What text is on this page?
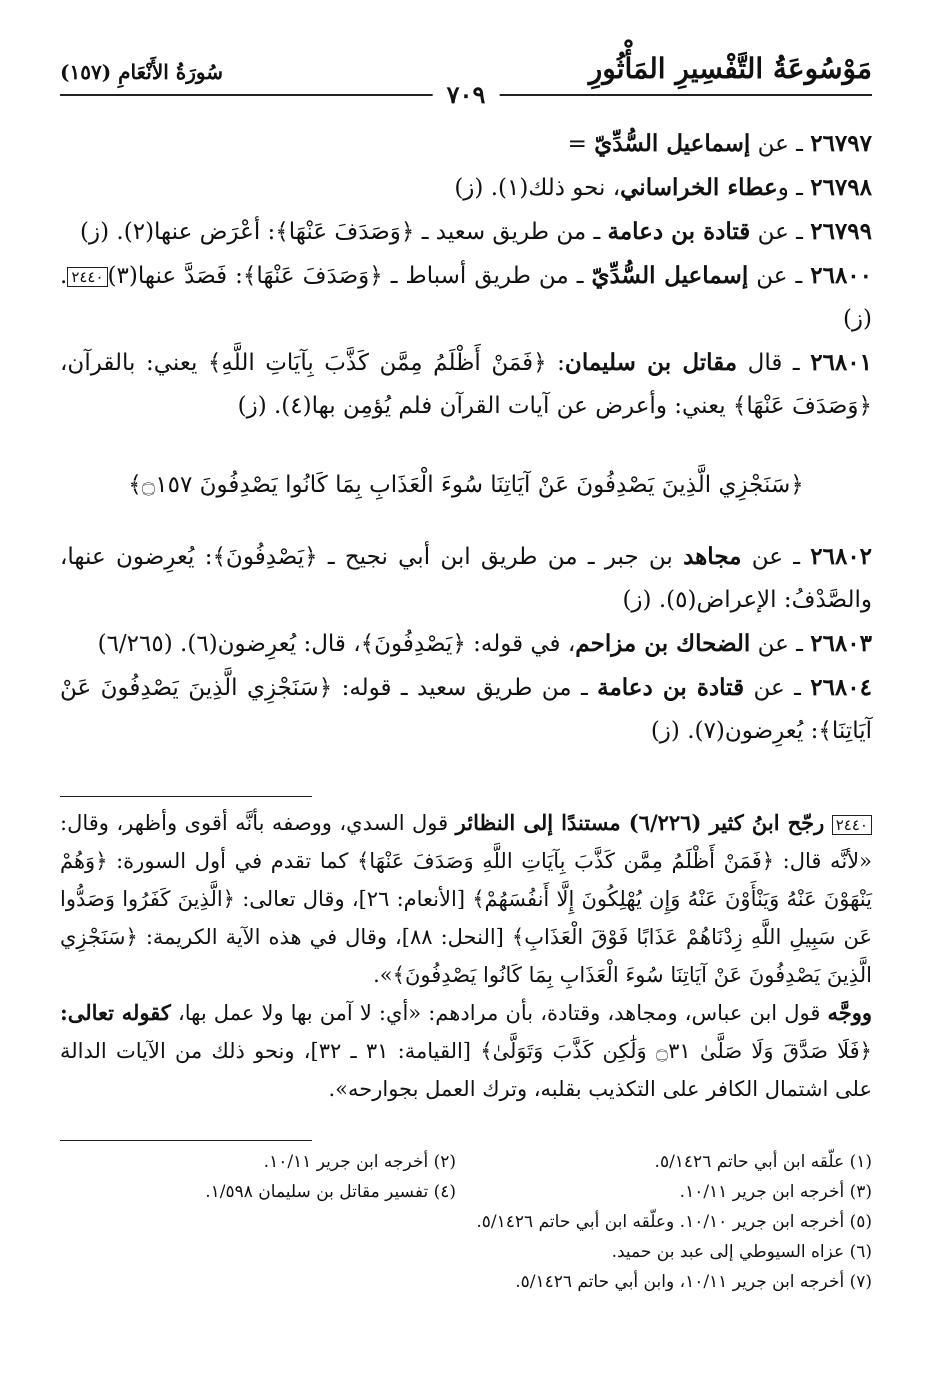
مَوْسُوعَةُ التَّفْسِيرِ المَأْثُورِ
سُورَةُ الأَنْعَامِ (١٥٧)
٧٠٩

٢٦٧٩٧ ـ عن إسماعيل السُّدِّيّ =

٢٦٧٩٨ ـ وعطاء الخراساني، نحو ذلك(١). (ز)

٢٦٧٩٩ ـ عن قتادة بن دعامة ـ من طريق سعيد ـ ﴿وَصَدَفَ عَنْهَا﴾: أعْرَض عنها(٢). (ز)

٢٦٨٠٠ ـ عن إسماعيل السُّدِّيّ ـ من طريق أسباط ـ ﴿وَصَدَفَ عَنْهَا﴾: فَصَدَّ عنها(٣)٢٤٤٠. (ز)

٢٦٨٠١ ـ قال مقاتل بن سليمان: ﴿فَمَنْ أَظْلَمُ مِمَّن كَذَّبَ بِآيَاتِ اللَّهِ﴾ يعني: بالقرآن، ﴿وَصَدَفَ عَنْهَا﴾ يعني: وأعرض عن آيات القرآن فلم يُؤمِن بها(٤). (ز)

﴿سَنَجْزِي الَّذِينَ يَصْدِفُونَ عَنْ آيَاتِنَا سُوءَ الْعَذَابِ بِمَا كَانُوا يَصْدِفُونَ ۝١٥٧﴾

٢٦٨٠٢ ـ عن مجاهد بن جبر ـ من طريق ابن أبي نجيح ـ ﴿يَصْدِفُونَ﴾: يُعرِضون عنها، والصَّدْفُ: الإعراض(٥). (ز)

٢٦٨٠٣ ـ عن الضحاك بن مزاحم، في قوله: ﴿يَصْدِفُونَ﴾، قال: يُعرِضون(٦). (٦/٢٦٥)

٢٦٨٠٤ ـ عن قتادة بن دعامة ـ من طريق سعيد ـ قوله: ﴿سَنَجْزِي الَّذِينَ يَصْدِفُونَ عَنْ آيَاتِنَا﴾: يُعرِضون(٧). (ز)

٢٤٤٠ رجّح ابنُ كثير (٦/٢٢٦) مستندًا إلى النظائر قول السدي، ووصفه بأنَّه أقوى وأظهر، وقال: «لأنَّه قال: ﴿فَمَنْ أَظْلَمُ مِمَّن كَذَّبَ بِآيَاتِ اللَّهِ وَصَدَفَ عَنْهَا﴾ كما تقدم في أول السورة: ﴿وَهُمْ يَنْهَوْنَ عَنْهُ وَيَنْأَوْنَ عَنْهُ وَإِن يُهْلِكُونَ إِلَّا أَنفُسَهُمْ﴾ [الأنعام: ٢٦]، وقال تعالى: ﴿الَّذِينَ كَفَرُوا وَصَدُّوا عَن سَبِيلِ اللَّهِ زِدْنَاهُمْ عَذَابًا فَوْقَ الْعَذَابِ﴾ [النحل: ٨٨]، وقال في هذه الآية الكريمة: ﴿سَنَجْزِي الَّذِينَ يَصْدِفُونَ عَنْ آيَاتِنَا سُوءَ الْعَذَابِ بِمَا كَانُوا يَصْدِفُونَ﴾».
ووجَّه قول ابن عباس، ومجاهد، وقتادة، بأن مرادهم: «أي: لا آمن بها ولا عمل بها، كقوله تعالى: ﴿فَلَا صَدَّقَ وَلَا صَلَّىٰ ۝٣١ وَلَٰكِن كَذَّبَ وَتَوَلَّىٰ﴾ [القيامة: ٣١ ـ ٣٢]، ونحو ذلك من الآيات الدالة على اشتمال الكافر على التكذيب بقلبه، وترك العمل بجوارحه».
(١) علّقه ابن أبي حاتم ٥/١٤٢٦.
(٢) أخرجه ابن جرير ١٠/١١.
(٣) أخرجه ابن جرير ١٠/١١.
(٤) تفسير مقاتل بن سليمان ١/٥٩٨.
(٥) أخرجه ابن جرير ١٠/١٠. وعلّقه ابن أبي حاتم ٥/١٤٢٦.
(٦) عزاه السيوطي إلى عبد بن حميد.
(٧) أخرجه ابن جرير ١٠/١١، وابن أبي حاتم ٥/١٤٢٦.
